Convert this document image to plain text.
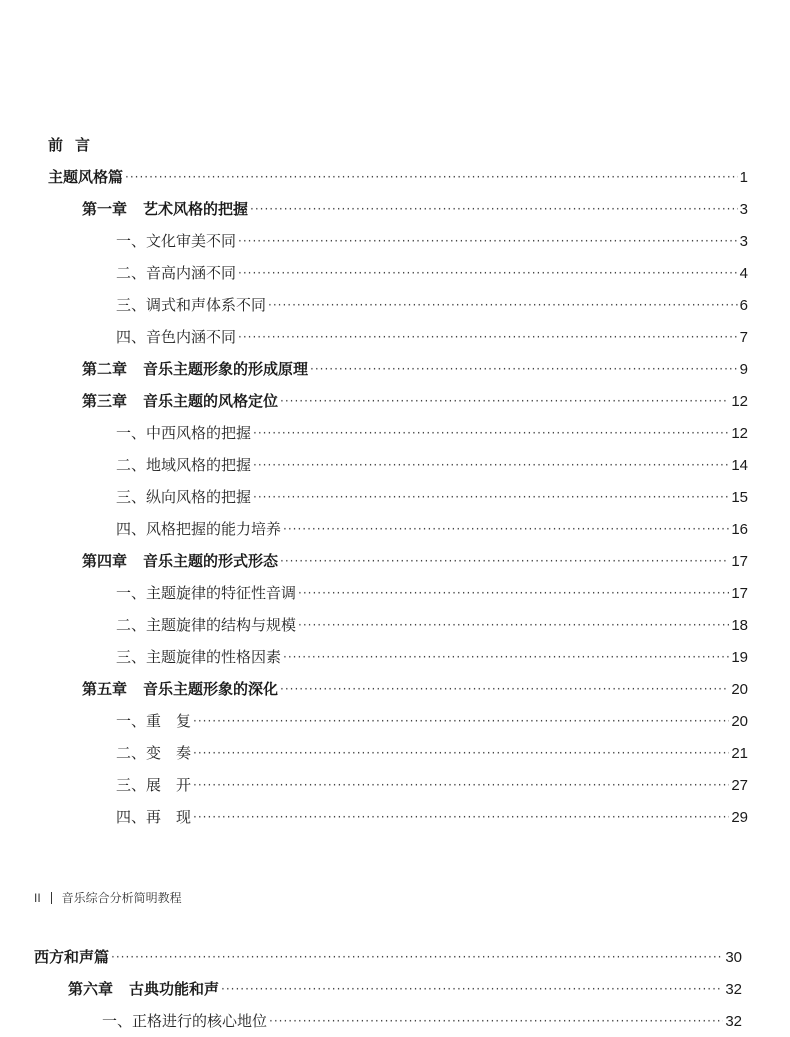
前言
主题风格篇 ·····	1
第一章 艺术风格的把握 ·····	3
一、文化审美不同 ·····	3
二、音高内涵不同 ·····	4
三、调式和声体系不同 ·····	6
四、音色内涵不同 ·····	7
第二章 音乐主题形象的形成原理 ·····	9
第三章 音乐主题的风格定位 ·····	12
一、中西风格的把握 ·····	12
二、地域风格的把握 ·····	14
三、纵向风格的把握 ·····	15
四、风格把握的能力培养 ·····	16
第四章 音乐主题的形式形态 ·····	17
一、主题旋律的特征性音调 ·····	17
二、主题旋律的结构与规模 ·····	18
三、主题旋律的性格因素 ·····	19
第五章 音乐主题形象的深化 ·····	20
一、重　复 ·····	20
二、变　奏 ·····	21
三、展　开 ·····	27
四、再　现 ·····	29
II 音乐综合分析简明教程
西方和声篇 ·····	30
第六章 古典功能和声 ·····	32
一、正格进行的核心地位 ·····	32
